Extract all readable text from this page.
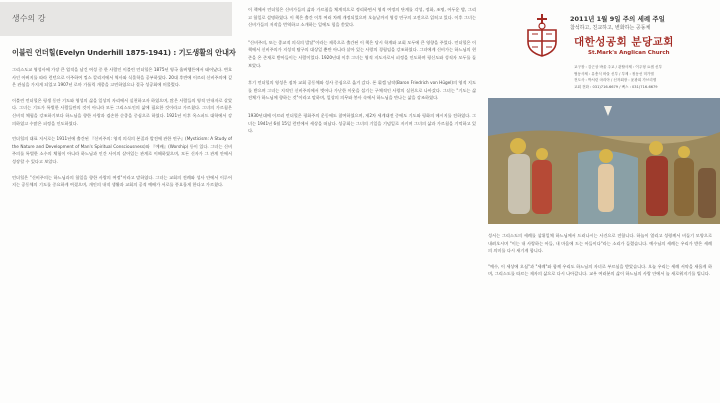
생수의 강
이블린 언더힐(Evelyn Underhill 1875-1941) : 기도생활의 안내자

그리스도교 영성사에 가장 큰 업적을 남긴 여성 중 한 사람인 이블린 언더힐은 1875년 영국 울버햄튼에서 태어났다. 변호사인 아버지를 따라 런던으로 이주하여 킹스 칼리지에서 역사와 식물학을 공부하였다. 20대 후반에 이르러 신비주의에 깊은 관심을 가지게 되었고 1907년 로마 가톨릭 개종을 고민하였으나 결국 성공회에 머물렀다.

이블린 언더힐은 평생 동안 기도와 영성의 삶을 일상의 자리에서 실천하고자 하였으며, 많은 사람들의 영적 안내자로 살았다. 그녀는 기도가 특별한 사람들만의 것이 아니라 모든 그리스도인의 삶에 필요한 것이라고 가르쳤다. 그녀의 가르침은 신비적 체험을 강조하기보다 하느님을 향한 사랑과 겸손한 순종을 중심으로 하였다. 1921년 이후 옥스퍼드 대학에서 강의하였고 수많은 피정을 인도하였다.

언더힐의 대표 저서로는 1911년에 출간된 『신비주의: 영적 의식의 본질과 발전에 관한 연구』(Mysticism: A Study of the Nature and Development of Man's Spiritual Consciousness)와 『예배』(Worship) 등이 있다. 그녀는 신비주의를 특별한 소수의 체험이 아니라 하느님과 인간 사이의 살아있는 관계로 이해하였으며, 모든 신자가 그 관계 안에서 성장할 수 있다고 보았다.

언더힐은 "신비주의는 하느님과의 합일을 향한 사랑의 여정"이라고 말하였다. 그녀는 교회의 전례와 성사 안에서 이루어지는 공동체의 기도를 중요하게 여겼으며, 개인의 내적 생활과 교회의 공적 예배가 서로를 풍요롭게 한다고 가르쳤다.

이 책에서 언더힐은 신비가들의 삶과 가르침을 체계적으로 정리하면서 영적 여정의 단계를 각성, 정화, 조명, 어두운 밤, 그리고 합일로 설명하였다. 이 책은 출간 이후 여러 차례 개정되었으며 오늘날까지 영성 연구의 고전으로 읽히고 있다. 이후 그녀는 신비가들의 저작을 번역하고 소개하는 일에도 힘을 쏟았다.

"신비주의, 또는 종교적 의식의 발달"이라는 제목으로 출간된 이 책은 당시 학계와 교회 모두에 큰 영향을 주었다. 언더힐은 이 책에서 신비주의가 지성적 탐구의 대상일 뿐만 아니라 살아 있는 사랑의 경험임을 강조하였다. 그녀에게 신비가는 하느님의 현존을 온 존재로 받아들이는 사람이었다. 1920년대 이후 그녀는 영적 지도자로서 피정을 인도하며 평신도와 성직자 모두를 돌보았다.

후기 언더힐의 영성은 점차 교회 공동체와 성사 중심으로 옮겨 갔다. 폰 휘겔 남작(Baron Friedrich von Hügel)의 영적 지도를 받으며 그녀는 지적인 신비주의에서 벗어나 가난한 이웃을 섬기는 구체적인 사랑의 실천으로 나아갔다. 그녀는 "기도는 삶 전체가 하느님께 향하는 것"이라고 말하며, 일상의 의무와 봉사 속에서 하느님을 만나는 삶을 강조하였다.

1930년대에 이르러 언더힐은 평화주의 운동에도 참여하였으며, 제2차 세계대전 중에도 기도와 평화의 메시지를 전하였다. 그녀는 1941년 6월 15일 런던에서 세상을 떠났다. 성공회는 그녀의 기일을 기념일로 지키며 그녀의 삶과 가르침을 기억하고 있다.

2011년 1월 9일 주의 세례 주일
참석하고, 친교하고, 변화하는 공동체
대한성공회 분당교회
St.Mark's Anglican Church
교구장 : 김근상 바울 주교 / 관할사제 : 이주형 요셉 신부
협동사제 : 유충식 바울 신부 / 부제 : 정동선 미가엘
전도사 : 박서린 마리아 / 신자회장 : 윤광희 가브리엘
교회 전화 : 031)716-6679 / 팩스 : 031)716-6679

성서는 그리스도의 세례를 삼위일체 하느님께서 드러나시는 사건으로 전합니다. 하늘이 열리고 성령께서 비둘기 모양으로 내려오시며 "이는 내 사랑하는 아들, 내 마음에 드는 아들이다"라는 소리가 들렸습니다. 예수님의 세례는 우리가 받은 세례의 의미를 다시 새기게 합니다.

"예수, 이 세상에 오심"과 "세례"와 함께 우리도 하느님의 자녀로 부르심을 받았습니다. 오늘 우리는 세례 서약을 새롭게 하며, 그리스도를 따르는 제자의 삶으로 다시 나아갑니다. 교우 여러분의 삶이 하느님의 사랑 안에서 늘 새로워지기를 빕니다.
